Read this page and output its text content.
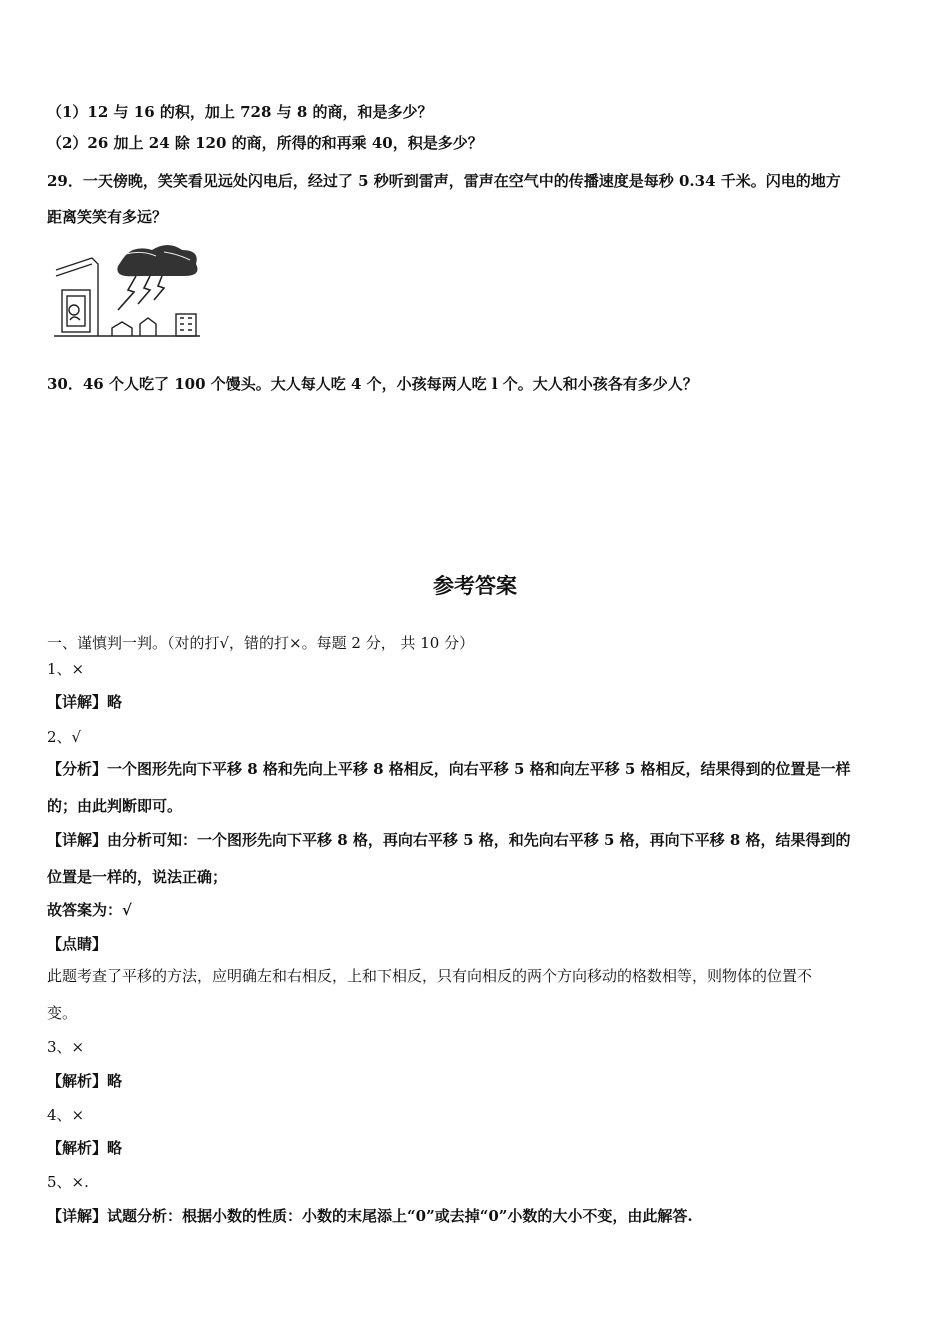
（1）12 与 16 的积，加上 728 与 8 的商，和是多少？
（2）26 加上 24 除 120 的商，所得的和再乘 40，积是多少？
29．一天傍晚，笑笑看见远处闪电后，经过了 5 秒听到雷声，雷声在空气中的传播速度是每秒 0.34 千米。闪电的地方
距离笑笑有多远？
30．46 个人吃了 100 个馒头。大人每人吃 4 个，小孩每两人吃 l 个。大人和小孩各有多少人？
参考答案
一、谨慎判一判。（对的打√，错的打×。每题 2 分， 共 10 分）
1、×
【详解】略
2、√
【分析】一个图形先向下平移 8 格和先向上平移 8 格相反，向右平移 5 格和向左平移 5 格相反，结果得到的位置是一样
的；由此判断即可。
【详解】由分析可知：一个图形先向下平移 8 格，再向右平移 5 格，和先向右平移 5 格，再向下平移 8 格，结果得到的
位置是一样的，说法正确；
故答案为：√
【点睛】
此题考查了平移的方法，应明确左和右相反，上和下相反，只有向相反的两个方向移动的格数相等，则物体的位置不
变。
3、×
【解析】略
4、×
【解析】略
5、×.
【详解】试题分析：根据小数的性质：小数的末尾添上“0”或去掉“0”小数的大小不变，由此解答.
